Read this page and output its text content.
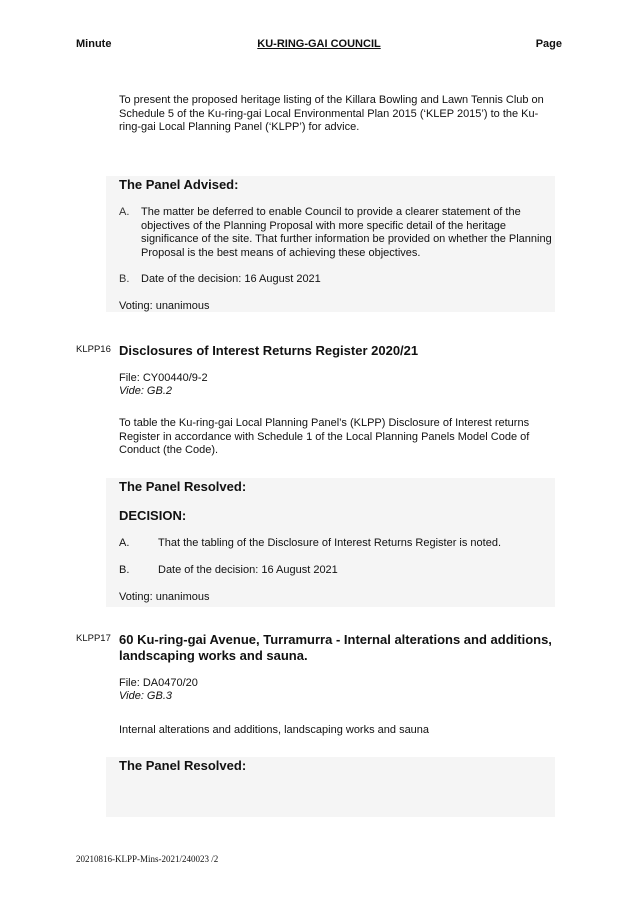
Minute	KU-RING-GAI COUNCIL	Page
To present the proposed heritage listing of the Killara Bowling and Lawn Tennis Club on Schedule 5 of the Ku-ring-gai Local Environmental Plan 2015 (‘KLEP 2015’) to the Ku-ring-gai Local Planning Panel (‘KLPP’) for advice.
The Panel Advised:
A.	The matter be deferred to enable Council to provide a clearer statement of the objectives of the Planning Proposal with more specific detail of the heritage significance of the site. That further information be provided on whether the Planning Proposal is the best means of achieving these objectives.
B.	Date of the decision: 16 August 2021
Voting: unanimous
KLPP16 Disclosures of Interest Returns Register 2020/21
File: CY00440/9-2
Vide: GB.2
To table the Ku-ring-gai Local Planning Panel’s (KLPP) Disclosure of Interest returns Register in accordance with Schedule 1 of the Local Planning Panels Model Code of Conduct (the Code).
The Panel Resolved:
DECISION:
A.	That the tabling of the Disclosure of Interest Returns Register is noted.
B.	Date of the decision: 16 August 2021
Voting: unanimous
KLPP17 60 Ku-ring-gai Avenue, Turramurra - Internal alterations and additions, landscaping works and sauna.
File: DA0470/20
Vide: GB.3
Internal alterations and additions, landscaping works and sauna
The Panel Resolved:
20210816-KLPP-Mins-2021/240023 /2
